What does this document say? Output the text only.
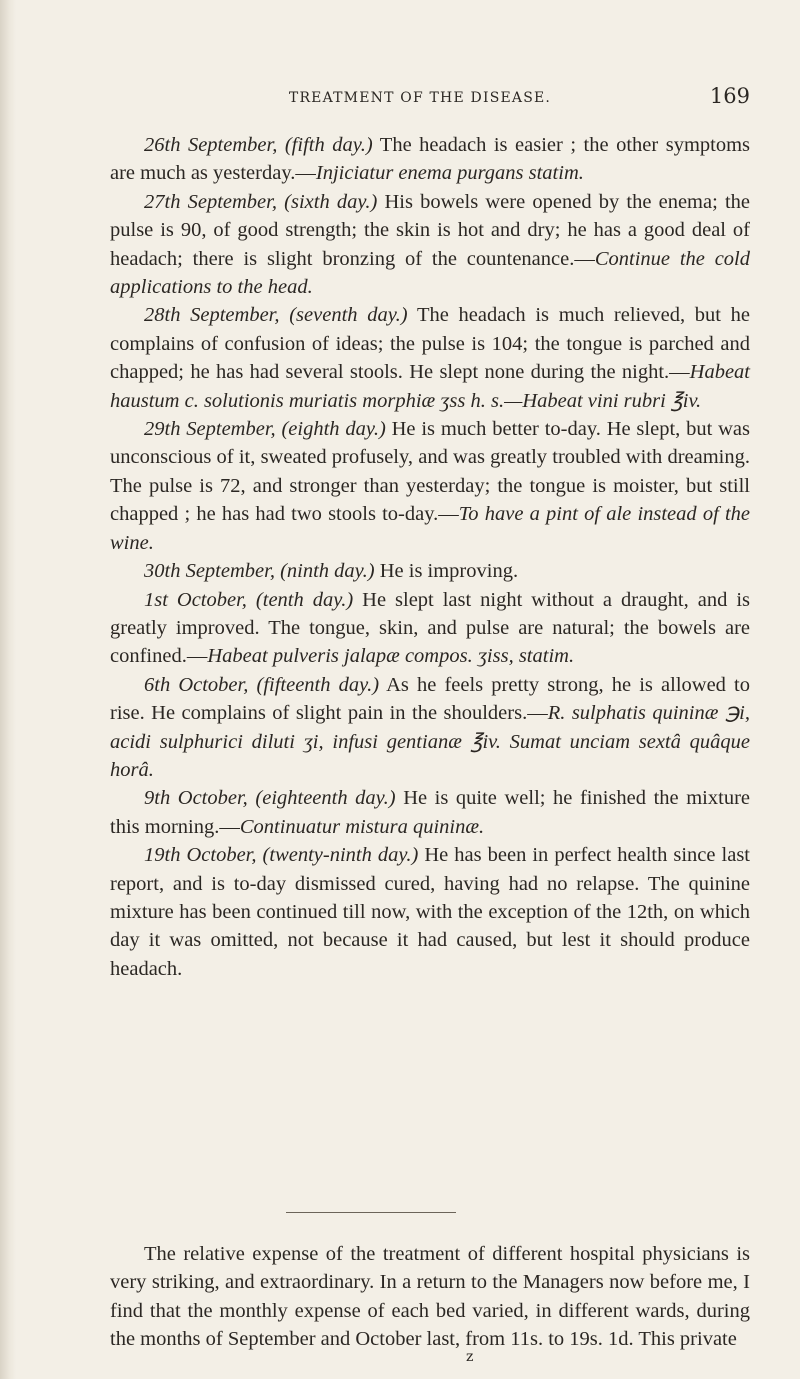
TREATMENT OF THE DISEASE.	169

26th September, (fifth day.) The headach is easier ; the other symptoms are much as yesterday.—Injiciatur enema purgans statim.

27th September, (sixth day.) His bowels were opened by the enema; the pulse is 90, of good strength; the skin is hot and dry; he has a good deal of headach; there is slight bronzing of the countenance.—Continue the cold applications to the head.

28th September, (seventh day.) The headach is much relieved, but he complains of confusion of ideas; the pulse is 104; the tongue is parched and chapped; he has had several stools. He slept none during the night.—Habeat haustum c. solutionis muriatis morphiæ ʒss h. s.—Habeat vini rubri ℥iv.

29th September, (eighth day.) He is much better to-day. He slept, but was unconscious of it, sweated profusely, and was greatly troubled with dreaming. The pulse is 72, and stronger than yesterday; the tongue is moister, but still chapped ; he has had two stools to-day.—To have a pint of ale instead of the wine.

30th September, (ninth day.) He is improving.

1st October, (tenth day.) He slept last night without a draught, and is greatly improved. The tongue, skin, and pulse are natural; the bowels are confined.—Habeat pulveris jalapæ compos. ʒiss, statim.

6th October, (fifteenth day.) As he feels pretty strong, he is allowed to rise. He complains of slight pain in the shoulders.—R. sulphatis quininæ ℈i, acidi sulphurici diluti ʒi, infusi gentianæ ℥iv. Sumat unciam sextâ quâque horâ.

9th October, (eighteenth day.) He is quite well; he finished the mixture this morning.—Continuatur mistura quininæ.

19th October, (twenty-ninth day.) He has been in perfect health since last report, and is to-day dismissed cured, having had no relapse. The quinine mixture has been continued till now, with the exception of the 12th, on which day it was omitted, not because it had caused, but lest it should produce headach.

The relative expense of the treatment of different hospital physicians is very striking, and extraordinary. In a return to the Managers now before me, I find that the monthly expense of each bed varied, in different wards, during the months of September and October last, from 11s. to 19s. 1d. This private

z
